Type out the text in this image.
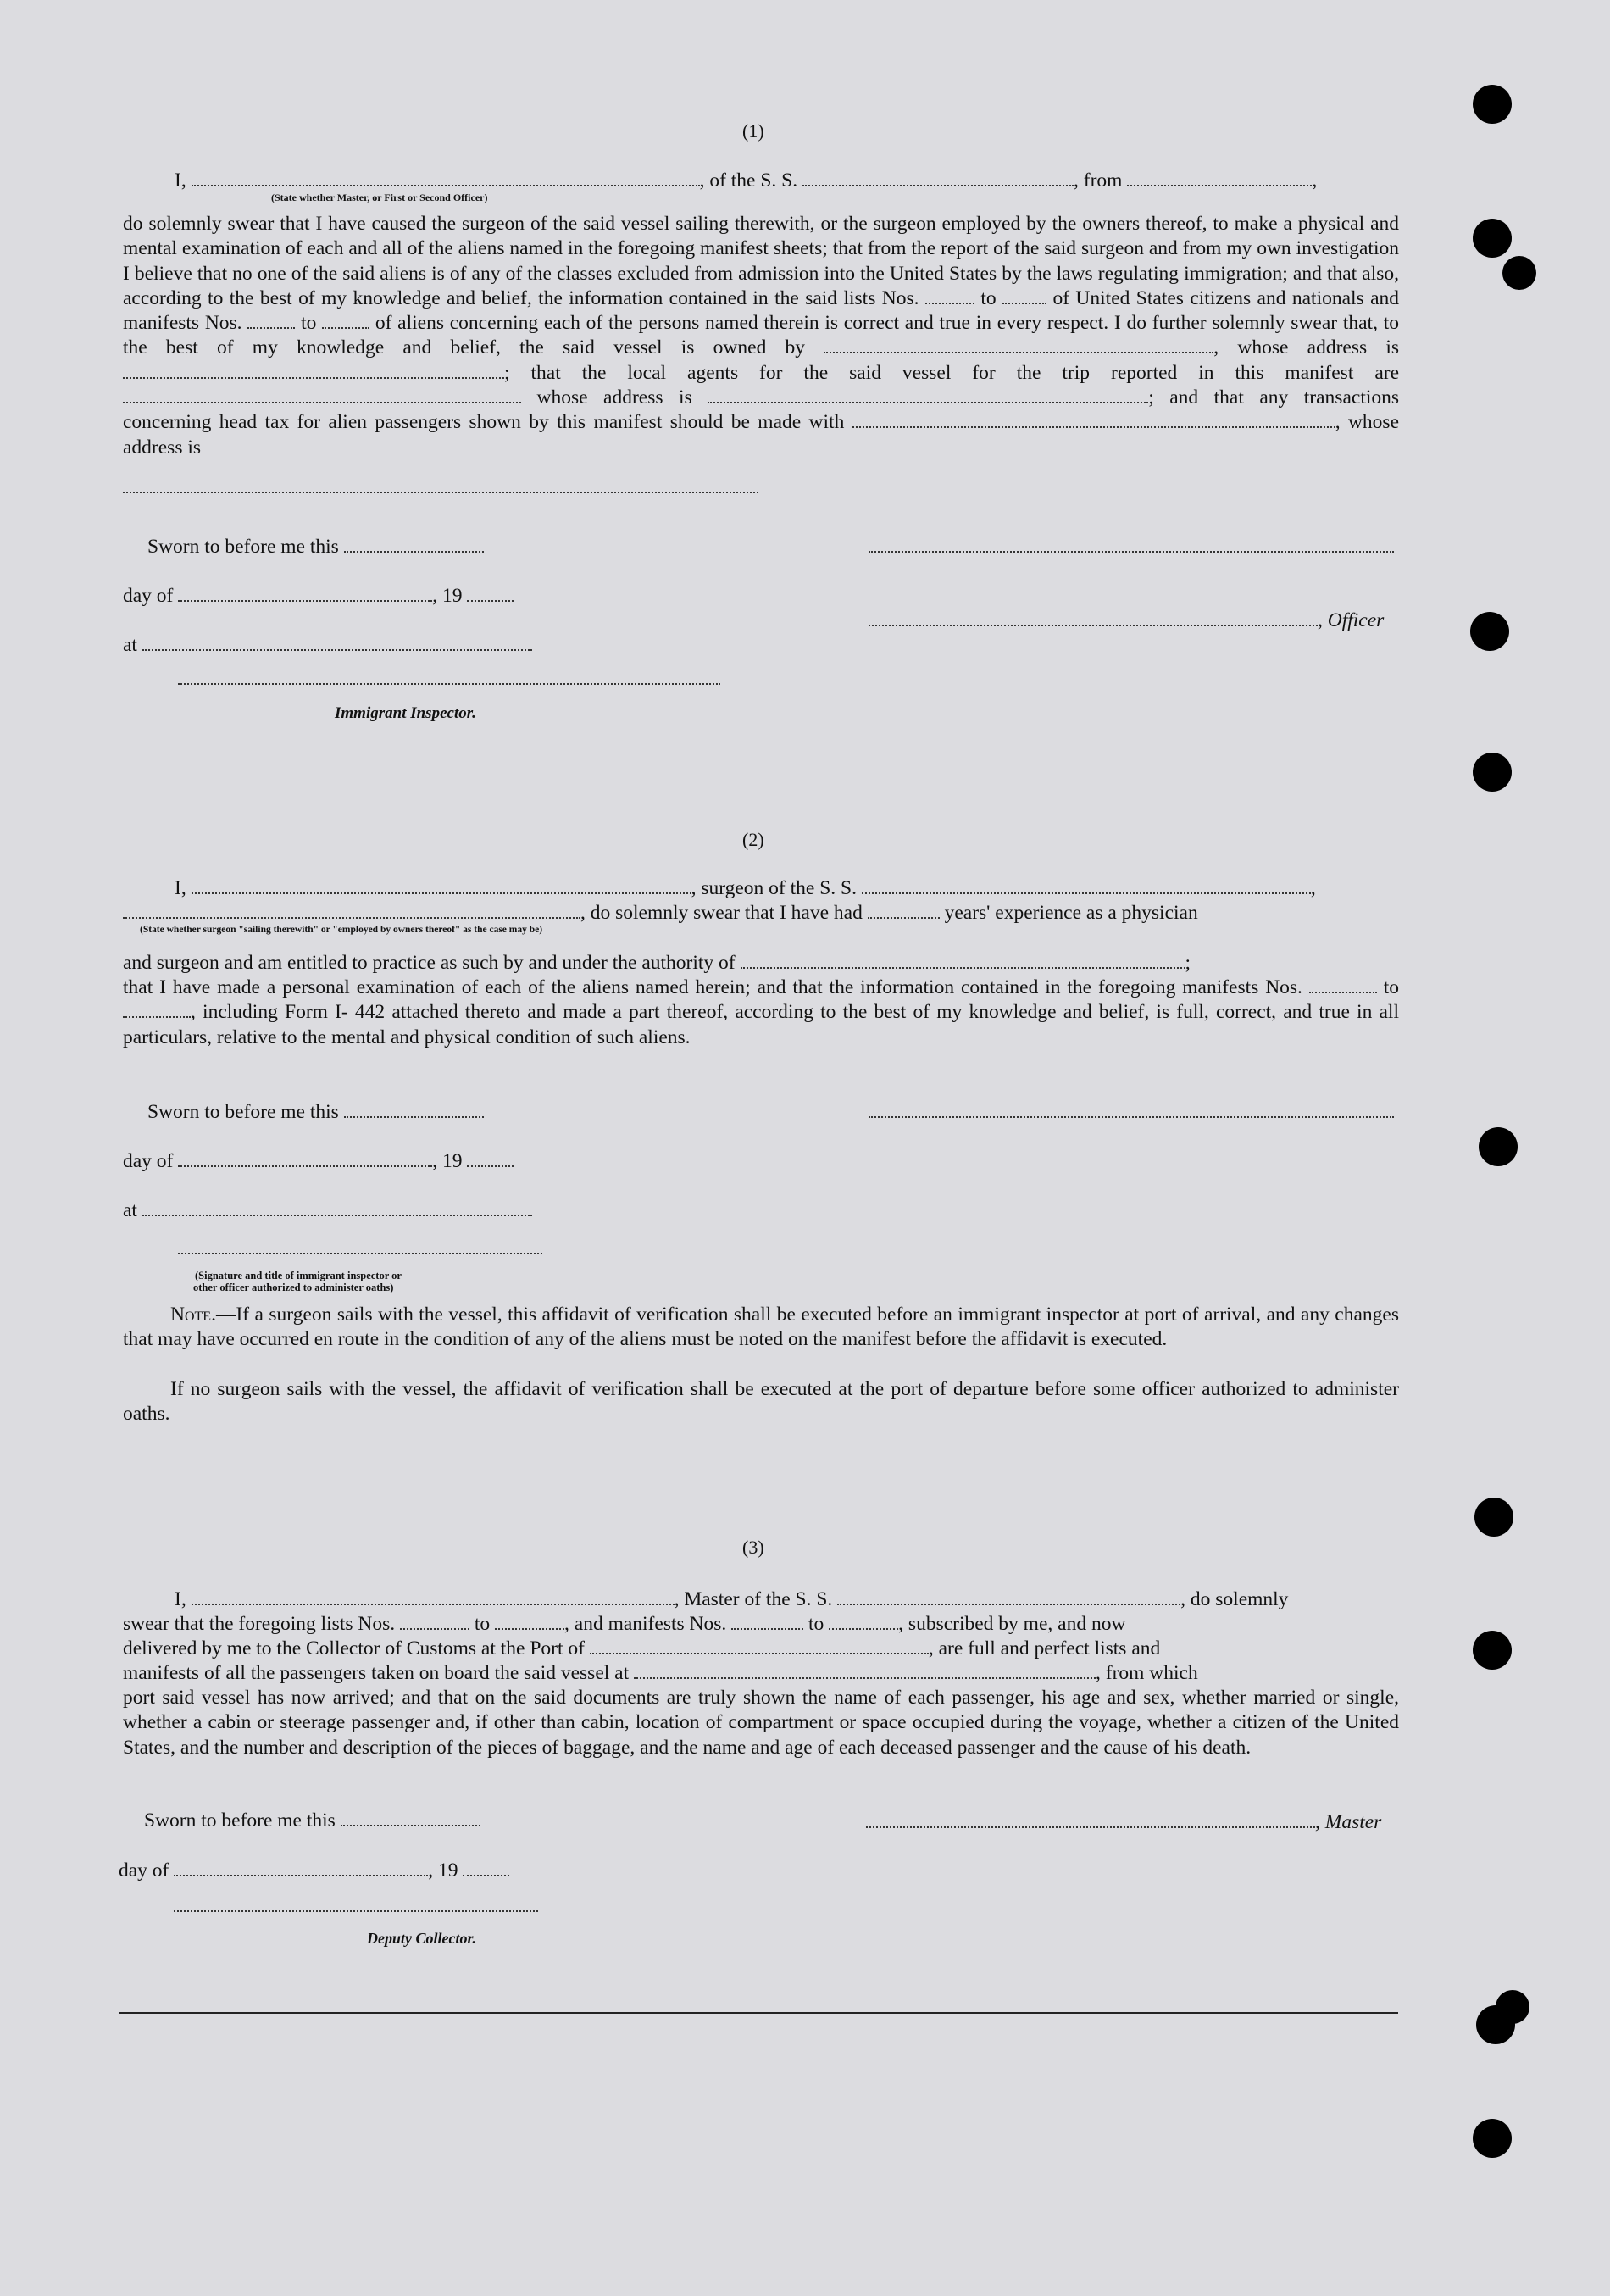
(1)
I,	, of the S. S.	, from	,
(State whether Master, or First or Second Officer)
do solemnly swear that I have caused the surgeon of the said vessel sailing therewith, or the surgeon employed by the owners thereof, to make a physical and mental examination of each and all of the aliens named in the foregoing manifest sheets; that from the report of the said surgeon and from my own investigation I believe that no one of the said aliens is of any of the classes excluded from admission into the United States by the laws regulating immigration; and that also, according to the best of my knowledge and belief, the information contained in the said lists Nos.	to	of United States citizens and nationals and manifests Nos.	to	of aliens concerning each of the persons named therein is correct and true in every respect. I do further solemnly swear that, to the best of my knowledge and belief, the said vessel is owned by	, whose address is ; that the local agents for the said vessel for the trip reported in this manifest are  whose address is	; and that any transactions concerning head tax for alien passengers shown by this manifest should be made with	, whose address is
Sworn to before me this
day of	, 19
, Officer
at
Immigrant Inspector.
(2)
I,	, surgeon of the S. S.	,
, do solemnly swear that I have had	years' experience as a physician
(State whether surgeon "sailing therewith" or "employed by owners thereof" as the case may be)
and surgeon and am entitled to practice as such by and under the authority of	;
that I have made a personal examination of each of the aliens named herein; and that the information contained in the foregoing manifests Nos.	to , including Form I- 442 attached thereto and made a part thereof, according to the best of my knowledge and belief, is full, correct, and true in all particulars, relative to the mental and physical condition of such aliens.
Sworn to before me this
day of	, 19
at
(Signature and title of immigrant inspector or
other officer authorized to administer oaths)
Note.—If a surgeon sails with the vessel, this affidavit of verification shall be executed before an immigrant inspector at port of arrival, and any changes that may have occurred en route in the condition of any of the aliens must be noted on the manifest before the affidavit is executed.
If no surgeon sails with the vessel, the affidavit of verification shall be executed at the port of departure before some officer authorized to administer oaths.
(3)
I,	, Master of the S. S.	, do solemnly
swear that the foregoing lists Nos.	to	, and manifests Nos.	to	, subscribed by me, and now
delivered by me to the Collector of Customs at the Port of	, are full and perfect lists and
manifests of all the passengers taken on board the said vessel at	, from which
port said vessel has now arrived; and that on the said documents are truly shown the name of each passenger, his age and sex, whether married or single, whether a cabin or steerage passenger and, if other than cabin, location of compartment or space occupied during the voyage, whether a citizen of the United States, and the number and description of the pieces of baggage, and the name and age of each deceased passenger and the cause of his death.
Sworn to before me this	, Master
day of	, 19
Deputy Collector.
